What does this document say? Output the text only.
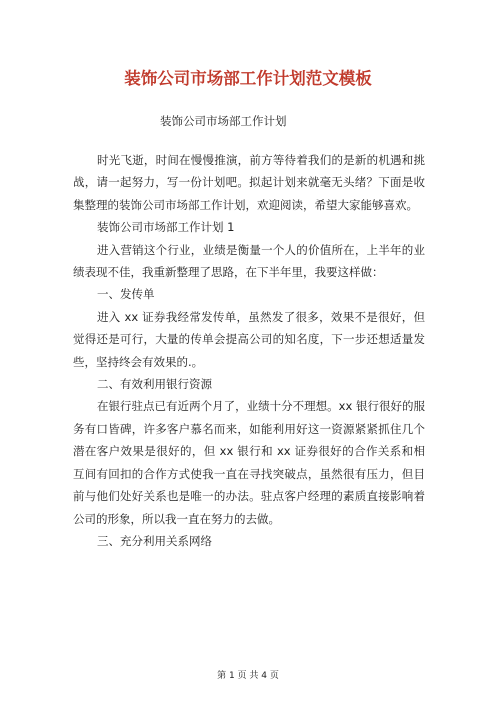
装饰公司市场部工作计划范文模板
装饰公司市场部工作计划

时光飞逝，时间在慢慢推演，前方等待着我们的是新的机遇和挑战，请一起努力，写一份计划吧。拟起计划来就毫无头绪？下面是收集整理的装饰公司市场部工作计划，欢迎阅读，希望大家能够喜欢。

装饰公司市场部工作计划 1

进入营销这个行业，业绩是衡量一个人的价值所在，上半年的业绩表现不佳，我重新整理了思路，在下半年里，我要这样做：

一、发传单

进入 xx 证券我经常发传单，虽然发了很多，效果不是很好，但觉得还是可行，大量的传单会提高公司的知名度，下一步还想适量发些，坚持终会有效果的.。

二、有效利用银行资源

在银行驻点已有近两个月了，业绩十分不理想。xx 银行很好的服务有口皆碑，许多客户慕名而来，如能利用好这一资源紧紧抓住几个潜在客户效果是很好的，但 xx 银行和 xx 证券很好的合作关系和相互间有回扣的合作方式使我一直在寻找突破点，虽然很有压力，但目前与他们处好关系也是唯一的办法。驻点客户经理的素质直接影响着公司的形象，所以我一直在努力的去做。

三、充分利用关系网络

第 1 页 共 4 页
